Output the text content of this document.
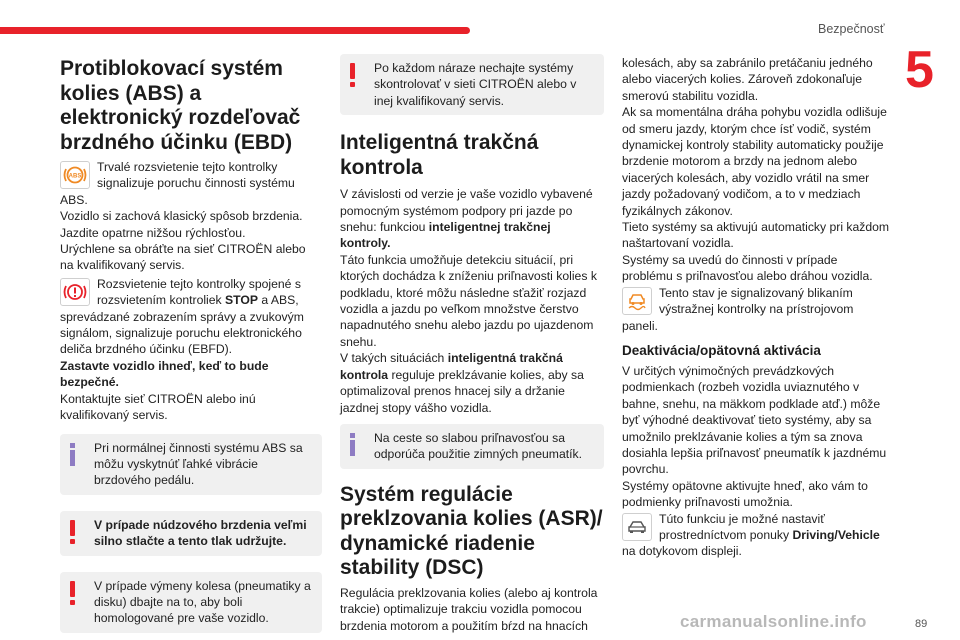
Bezpečnosť
5
Protiblokovací systém kolies (ABS) a elektronický rozdeľovač brzdného účinku (EBD)
ABS

Trvalé rozsvietenie tejto kontrolky signalizuje poruchu činnosti systému ABS.

Vozidlo si zachová klasický spôsob brzdenia.

Jazdite opatrne nižšou rýchlosťou.

Urýchlene sa obráťte na sieť CITROËN alebo na kvalifikovaný servis.

Rozsvietenie tejto kontrolky spojené s rozsvietením kontroliek STOP a ABS, sprevádzané zobrazením správy a zvukovým signálom, signalizuje poruchu elektronického deliča brzdného účinku (EBFD).

Zastavte vozidlo ihneď, keď to bude bezpečné.

Kontaktujte sieť CITROËN alebo inú kvalifikovaný servis.

Pri normálnej činnosti systému ABS sa môžu vyskytnúť ľahké vibrácie brzdového pedálu.

V prípade núdzového brzdenia veľmi silno stlačte a tento tlak udržujte.

V prípade výmeny kolesa (pneumatiky a disku) dbajte na to, aby boli homologované pre vaše vozidlo.

Po každom náraze nechajte systémy skontrolovať v sieti CITROËN alebo v inej kvalifikovaný servis.

Inteligentná trakčná kontrola

V závislosti od verzie je vaše vozidlo vybavené pomocným systémom podpory pri jazde po snehu: funkciou inteligentnej trakčnej kontroly.

Táto funkcia umožňuje detekciu situácií, pri ktorých dochádza k zníženiu priľnavosti kolies k podkladu, ktoré môžu následne sťažiť rozjazd vozidla a jazdu po veľkom množstve čerstvo napadnutého snehu alebo jazdu po ujazdenom snehu.

V takých situáciách inteligentná trakčná kontrola reguluje preklzávanie kolies, aby sa optimalizoval prenos hnacej sily a držanie jazdnej stopy vášho vozidla.

Na ceste so slabou priľnavosťou sa odporúča použitie zimných pneumatík.

Systém regulácie preklzovania kolies (ASR)/ dynamické riadenie stability (DSC)

Regulácia preklzovania kolies (alebo aj kontrola trakcie) optimalizuje trakciu vozidla pomocou brzdenia motorom a použitím bŕzd na hnacích

kolesách, aby sa zabránilo pretáčaniu jedného alebo viacerých kolies. Zároveň zdokonaľuje smerovú stabilitu vozidla.

Ak sa momentálna dráha pohybu vozidla odlišuje od smeru jazdy, ktorým chce ísť vodič, systém dynamickej kontroly stability automaticky použije brzdenie motorom a brzdy na jednom alebo viacerých kolesách, aby vozidlo vrátil na smer jazdy požadovaný vodičom, a to v medziach fyzikálnych zákonov.

Tieto systémy sa aktivujú automaticky pri každom naštartovaní vozidla.

Systémy sa uvedú do činnosti v prípade problému s priľnavosťou alebo dráhou vozidla.

Tento stav je signalizovaný blikaním výstražnej kontrolky na prístrojovom paneli.

Deaktivácia/opätovná aktivácia

V určitých výnimočných prevádzkových podmienkach (rozbeh vozidla uviaznutého v bahne, snehu, na mäkkom podklade atď.) môže byť výhodné deaktivovať tieto systémy, aby sa umožnilo preklzávanie kolies a tým sa znova dosiahla lepšia priľnavosť pneumatík k jazdnému povrchu.

Systémy opätovne aktivujte hneď, ako vám to podmienky priľnavosti umožnia.

Túto funkciu je možné nastaviť prostredníctvom ponuky Driving/Vehicle na dotykovom displeji.

89
carmanualsonline.info
